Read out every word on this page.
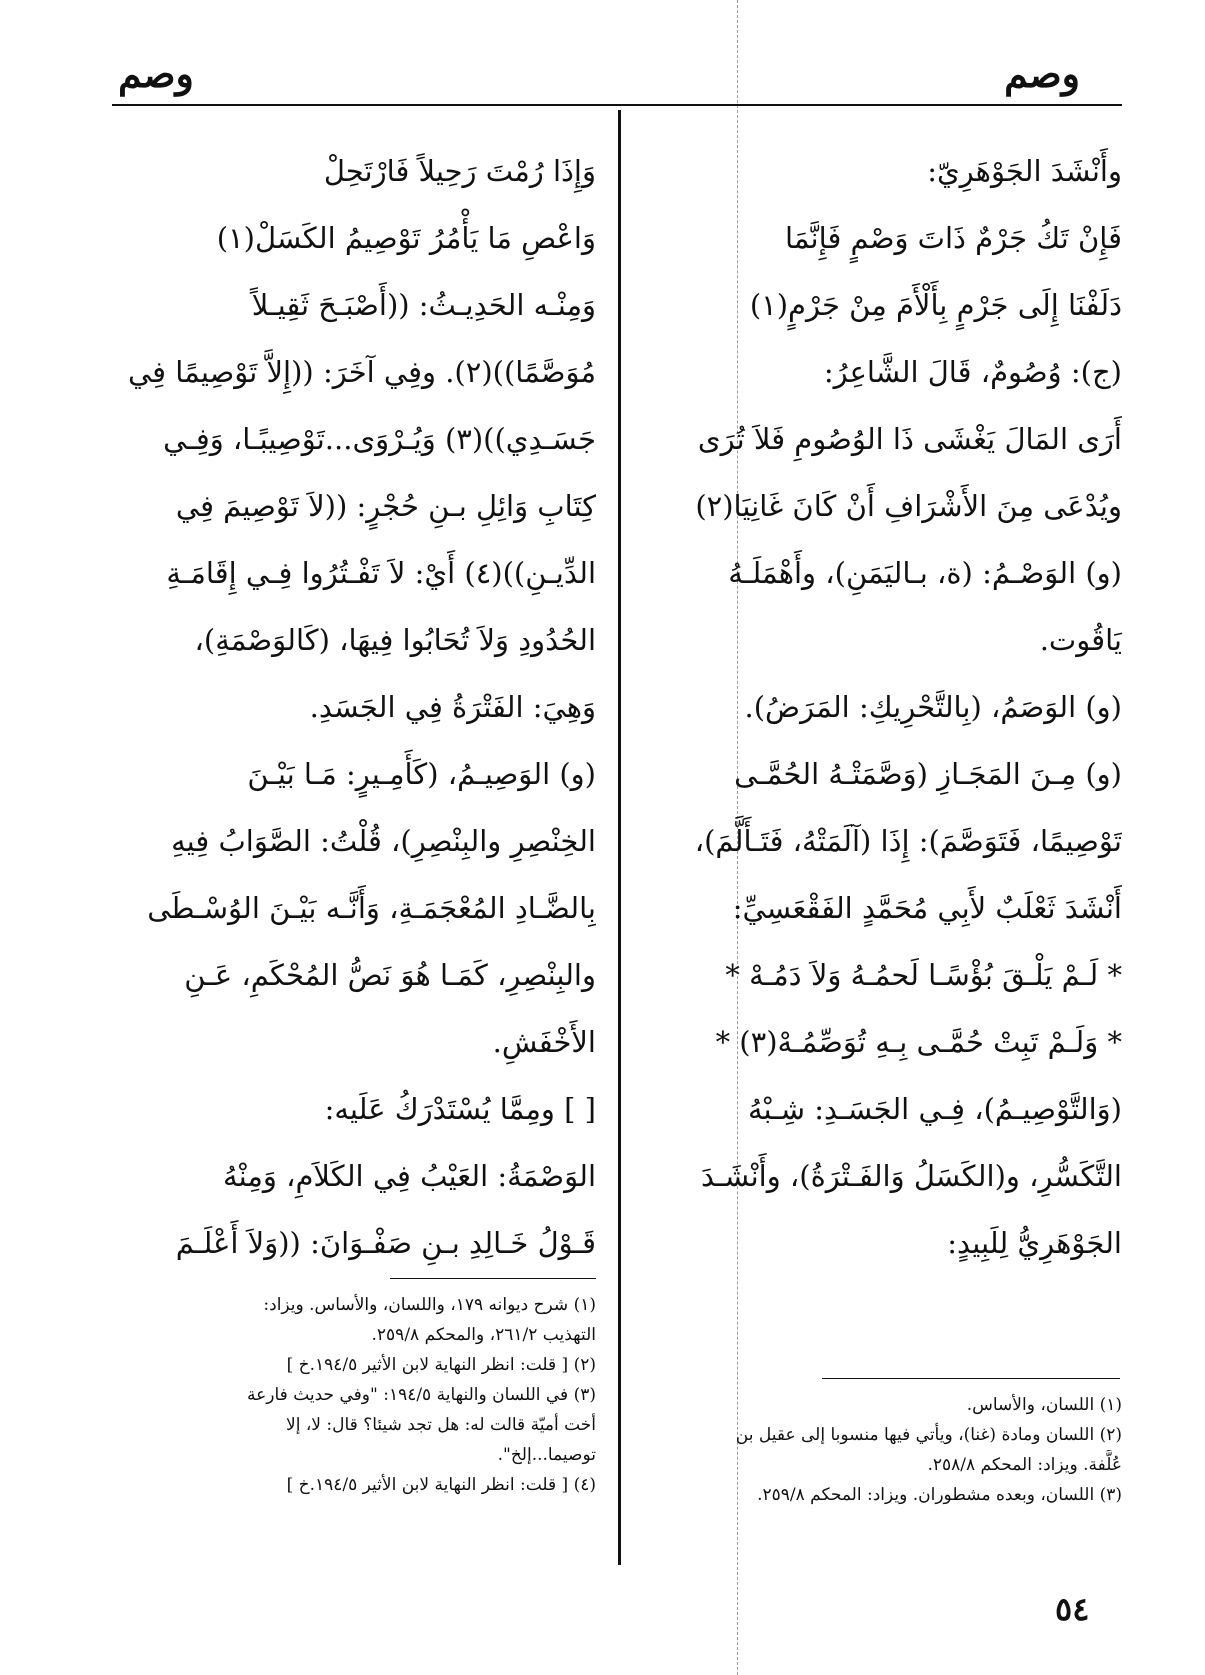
وصم
وصم
وأَنْشَدَ الجَوْهَرِيّ:
فَإِنْ تَكُ جَرْمٌ ذَاتَ وَصْمٍ فَإِنَّمَا
دَلَفْنَا إِلَى جَرْمٍ بِأَلْأَمَ مِنْ جَرْمٍ(١)
(ج): وُصُومٌ، قَالَ الشَّاعِرُ:
أَرَى المَالَ يَغْشَى ذَا الوُصُومِ فَلاَ تُرَى
ويُدْعَى مِنَ الأَشْرَافِ أَنْ كَانَ غَانِيَا(٢)
(و) الوَصْـمُ: (ة، بـاليَمَنِ)، وأَهْمَلَـهُ
يَاقُوت.
(و) الوَصَمُ، (بِالتَّحْرِيكِ: المَرَضُ).
(و) مِـنَ المَجَـازِ (وَصَّمَتْـهُ الحُمَّـى
تَوْصِيمًا، فَتَوَصَّمَ): إِذَا (آلَمَتْهُ، فَتَـأَلَّمَ)،
أَنْشَدَ ثَعْلَبٌ لأَبِي مُحَمَّدٍ الفَقْعَسِيِّ:
* لَـمْ يَلْـقَ بُؤْسًـا لَحمُـهُ وَلاَ دَمُـهْ *
* وَلَـمْ تَبِتْ حُمَّـى بِـهِ تُوَصِّمُـهْ(٣) *
(وَالتَّوْصِيـمُ)، فِـي الجَسَـدِ: شِـبْهُ
التَّكَسُّرِ، و(الكَسَلُ وَالفَـتْرَةُ)، وأَنْشَـدَ
الجَوْهَرِيُّ لِلَبِيدٍ:
وَإِذَا رُمْتَ رَحِيلاً فَارْتَحِلْ
وَاعْصِ مَا يَأْمُرُ تَوْصِيمُ الكَسَلْ(١)
وَمِنْـه الحَدِيـثُ: ((أَصْبَـحَ ثَقِيـلاً
مُوَصَّمًا))(٢). وفِي آخَرَ: ((إِلاَّ تَوْصِيمًا فِي
جَسَـدِي))(٣) وَيُـرْوَى...تَوْصِيبًـا، وَفِـي
كِتَابِ وَائِلِ بـنِ حُجْرٍ: ((لاَ تَوْصِيمَ فِي
الدِّيـنِ))(٤) أَيْ: لاَ تَفْـتُرُوا فِـي إِقَامَـةِ
الحُدُودِ وَلاَ تُحَابُوا فِيهَا، (كَالوَصْمَةِ)،
وَهِيَ: الفَتْرَةُ فِي الجَسَدِ.
(و) الوَصِيـمُ، (كَأَمِـيرٍ: مَـا بَيْـنَ
الخِنْصِرِ والبِنْصِرِ)، قُلْتُ: الصَّوَابُ فِيهِ
بِالضَّـادِ المُعْجَمَـةِ، وَأَنَّـه بَيْـنَ الوُسْـطَى
والبِنْصِرِ، كَمَـا هُوَ نَصُّ المُحْكَمِ، عَـنِ
الأَخْفَشِ.
[ ] ومِمَّا يُسْتَدْرَكُ عَلَيه:
الوَصْمَةُ: العَيْبُ فِي الكَلاَمِ، وَمِنْهُ
قَـوْلُ خَـالِدِ بـنِ صَفْـوَانَ: ((وَلاَ أَعْلَـمَ
(١) اللسان، والأساس.
(٢) اللسان ومادة (غنا)، ويأتي فيها منسوبا إلى عقيل بن
عُلَّفة. ويزاد: المحكم ٢٥٨/٨.
(٣) اللسان، وبعده مشطوران. ويزاد: المحكم ٢٥٩/٨.
(١) شرح ديوانه ١٧٩، واللسان، والأساس. ويزاد:
التهذيب ٢٦١/٢، والمحكم ٢٥٩/٨.
(٢) [ قلت: انظر النهاية لابن الأثير ١٩٤/٥.خ ]
(٣) في اللسان والنهاية ١٩٤/٥: "وفي حديث فارعة
أخت أميّة قالت له: هل تجد شيئا؟ قال: لا، إلا
توصيما...إلخ".
(٤) [ قلت: انظر النهاية لابن الأثير ١٩٤/٥.خ ]
٥٤
